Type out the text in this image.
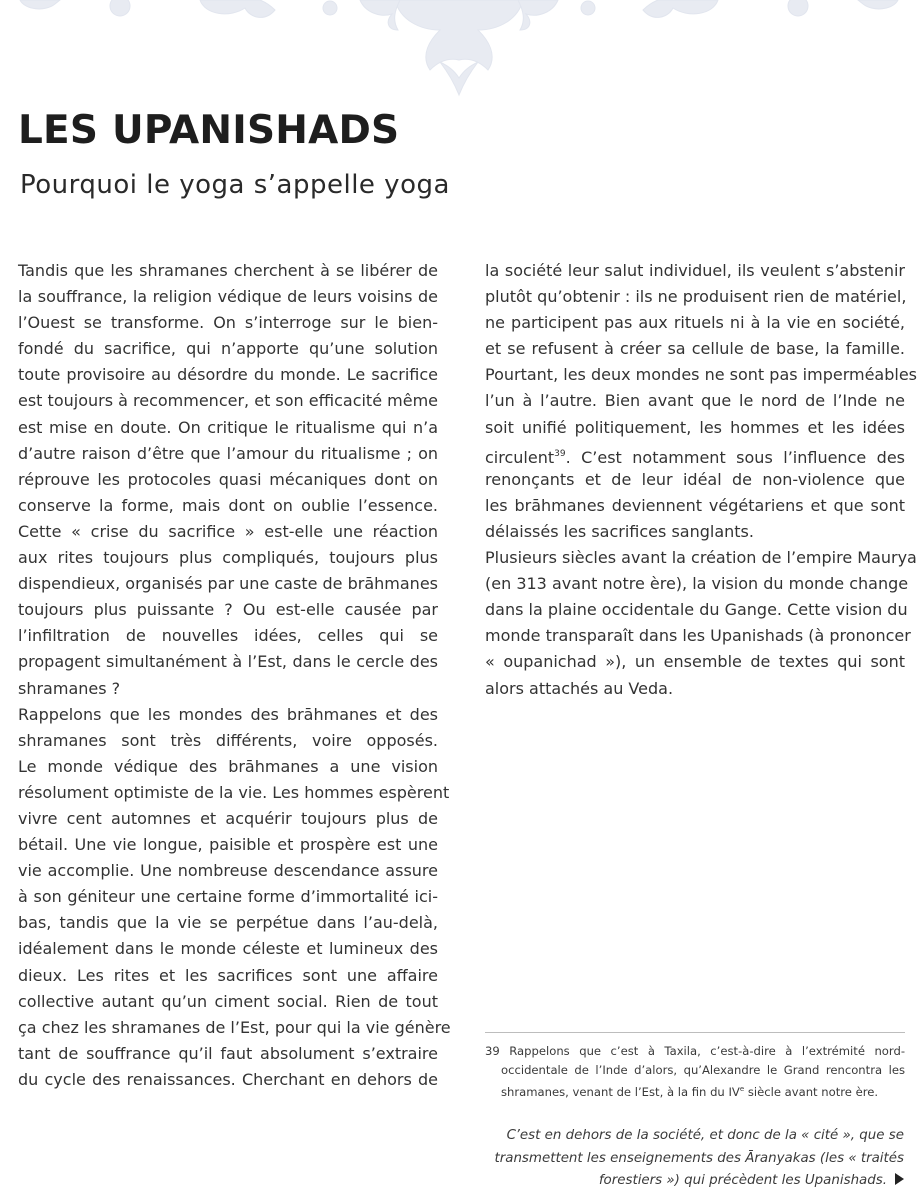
LES UPANISHADS
Pourquoi le yoga s’appelle yoga
Tandis que les shramanes cherchent à se libérer de
la souffrance, la religion védique de leurs voisins de
l’Ouest se transforme. On s’interroge sur le bien-
fondé du sacrifice, qui n’apporte qu’une solution
toute provisoire au désordre du monde. Le sacrifice
est toujours à recommencer, et son efficacité même
est mise en doute. On critique le ritualisme qui n’a
d’autre raison d’être que l’amour du ritualisme ; on
réprouve les protocoles quasi mécaniques dont on
conserve la forme, mais dont on oublie l’essence.
Cette « crise du sacrifice » est-elle une réaction
aux rites toujours plus compliqués, toujours plus
dispendieux, organisés par une caste de brāhmanes
toujours plus puissante ? Ou est-elle causée par
l’infiltration de nouvelles idées, celles qui se
propagent simultanément à l’Est, dans le cercle des
shramanes ?
Rappelons que les mondes des brāhmanes et des
shramanes sont très différents, voire opposés.
Le monde védique des brāhmanes a une vision
résolument optimiste de la vie. Les hommes espèrent
vivre cent automnes et acquérir toujours plus de
bétail. Une vie longue, paisible et prospère est une
vie accomplie. Une nombreuse descendance assure
à son géniteur une certaine forme d’immortalité ici-
bas, tandis que la vie se perpétue dans l’au-delà,
idéalement dans le monde céleste et lumineux des
dieux. Les rites et les sacrifices sont une affaire
collective autant qu’un ciment social. Rien de tout
ça chez les shramanes de l’Est, pour qui la vie génère
tant de souffrance qu’il faut absolument s’extraire
du cycle des renaissances. Cherchant en dehors de
la société leur salut individuel, ils veulent s’abstenir
plutôt qu’obtenir : ils ne produisent rien de matériel,
ne participent pas aux rituels ni à la vie en société,
et se refusent à créer sa cellule de base, la famille.
Pourtant, les deux mondes ne sont pas imperméables
l’un à l’autre. Bien avant que le nord de l’Inde ne
soit unifié politiquement, les hommes et les idées
circulent$^{39}$. C’est notamment sous l’influence des
renonçants et de leur idéal de non-violence que
les brāhmanes deviennent végétariens et que sont
délaissés les sacrifices sanglants.
Plusieurs siècles avant la création de l’empire Maurya
(en 313 avant notre ère), la vision du monde change
dans la plaine occidentale du Gange. Cette vision du
monde transparaît dans les Upanishads (à prononcer
« oupanichad »), un ensemble de textes qui sont
alors attachés au Veda.
39 Rappelons que c’est à Taxila, c’est-à-dire à l’extrémité nord-
occidentale de l’Inde d’alors, qu’Alexandre le Grand rencontra les
shramanes, venant de l’Est, à la fin du IVe siècle avant notre ère.
C’est en dehors de la société, et donc de la « cité », que se
transmettent les enseignements des Āranyakas (les « traités
forestiers ») qui précèdent les Upanishads.
